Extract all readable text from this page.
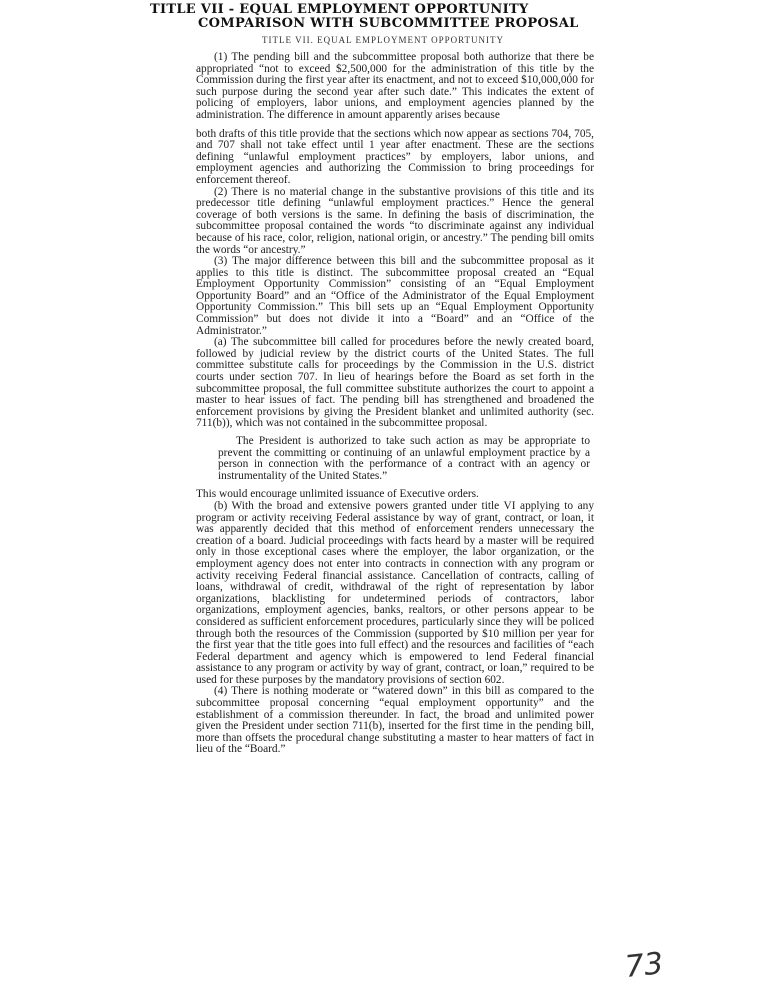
TITLE VII - EQUAL EMPLOYMENT OPPORTUNITY
COMPARISON WITH SUBCOMMITTEE PROPOSAL
TITLE VII. EQUAL EMPLOYMENT OPPORTUNITY

(1) The pending bill and the subcommittee proposal both authorize that there be appropriated “not to exceed $2,500,000 for the administration of this title by the Commission during the first year after its enactment, and not to exceed $10,000,000 for such purpose during the second year after such date.” This indicates the extent of policing of employers, labor unions, and employment agencies planned by the administration. The difference in amount apparently arises because

both drafts of this title provide that the sections which now appear as sections 704, 705, and 707 shall not take effect until 1 year after enactment. These are the sections defining “unlawful employment practices” by employers, labor unions, and employment agencies and authorizing the Commission to bring proceedings for enforcement thereof.

(2) There is no material change in the substantive provisions of this title and its predecessor title defining “unlawful employment practices.” Hence the general coverage of both versions is the same. In defining the basis of discrimination, the subcommittee proposal contained the words “to discriminate against any individual because of his race, color, religion, national origin, or ancestry.” The pending bill omits the words “or ancestry.”

(3) The major difference between this bill and the subcommittee proposal as it applies to this title is distinct. The subcommittee proposal created an “Equal Employment Opportunity Commission” consisting of an “Equal Employment Opportunity Board” and an “Office of the Administrator of the Equal Employment Opportunity Commission.” This bill sets up an “Equal Employment Opportunity Commission” but does not divide it into a “Board” and an “Office of the Administrator.”

(a) The subcommittee bill called for procedures before the newly created board, followed by judicial review by the district courts of the United States. The full committee substitute calls for proceedings by the Commission in the U.S. district courts under section 707. In lieu of hearings before the Board as set forth in the subcommittee proposal, the full committee substitute authorizes the court to appoint a master to hear issues of fact. The pending bill has strengthened and broadened the enforcement provisions by giving the President blanket and unlimited authority (sec. 711(b)), which was not contained in the subcommittee proposal.

The President is authorized to take such action as may be appropriate to prevent the committing or continuing of an unlawful employment practice by a person in connection with the performance of a contract with an agency or instrumentality of the United States.”

This would encourage unlimited issuance of Executive orders.

(b) With the broad and extensive powers granted under title VI applying to any program or activity receiving Federal assistance by way of grant, contract, or loan, it was apparently decided that this method of enforcement renders unnecessary the creation of a board. Judicial proceedings with facts heard by a master will be required only in those exceptional cases where the employer, the labor organization, or the employment agency does not enter into contracts in connection with any program or activity receiving Federal financial assistance. Cancellation of contracts, calling of loans, withdrawal of credit, withdrawal of the right of representation by labor organizations, blacklisting for undetermined periods of contractors, labor organizations, employment agencies, banks, realtors, or other persons appear to be considered as sufficient enforcement procedures, particularly since they will be policed through both the resources of the Commission (supported by $10 million per year for the first year that the title goes into full effect) and the resources and facilities of “each Federal department and agency which is empowered to lend Federal financial assistance to any program or activity by way of grant, contract, or loan,” required to be used for these purposes by the mandatory provisions of section 602.

(4) There is nothing moderate or “watered down” in this bill as compared to the subcommittee proposal concerning “equal employment opportunity” and the establishment of a commission thereunder. In fact, the broad and unlimited power given the President under section 711(b), inserted for the first time in the pending bill, more than offsets the procedural change substituting a master to hear matters of fact in lieu of the “Board.”

73
